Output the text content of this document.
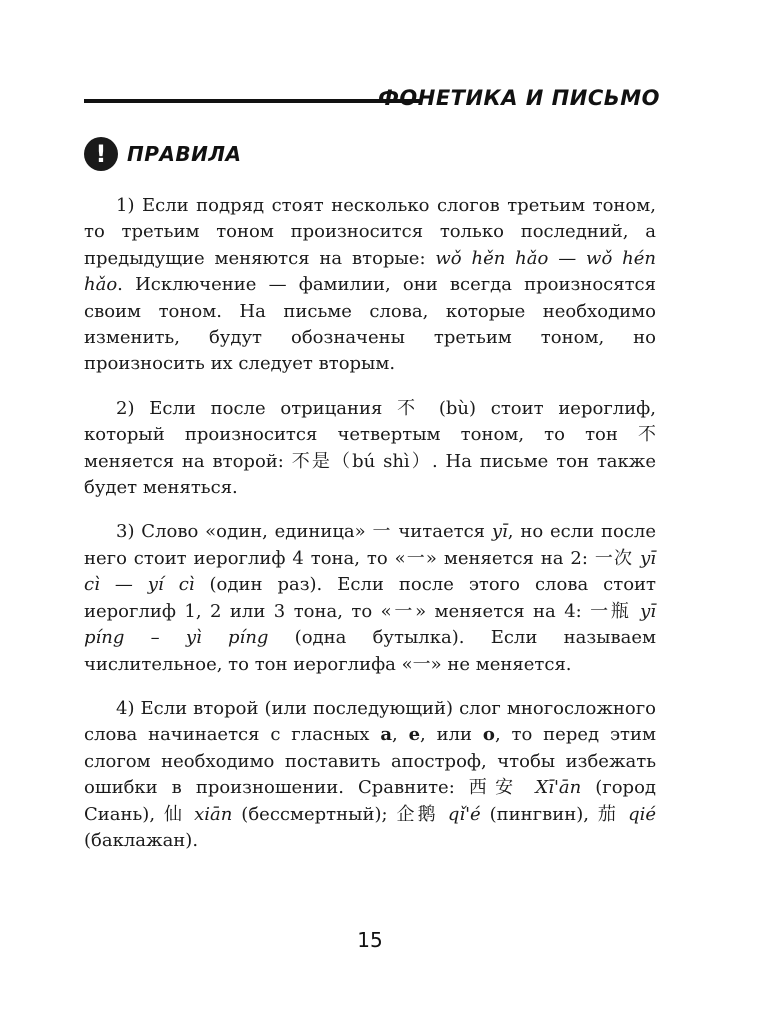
ФОНЕТИКА И ПИСЬМО
!	ПРАВИЛА

1) Если подряд стоят несколько слогов третьим тоном, то третьим тоном произносится только последний, а предыдущие меняются на вторые: wǒ hěn hǎo — wǒ hén hǎo. Исключение — фамилии, они всегда произносятся своим тоном. На письме слова, которые необходимо изменить, будут обозначены третьим тоном, но произносить их следует вторым.

2) Если после отрицания 不 (bù) стоит иероглиф, который произносится четвертым тоном, то тон 不 меняется на второй: 不是（bú shì）. На письме тон также будет меняться.

3) Слово «один, единица» 一 читается yī, но если после него стоит иероглиф 4 тона, то «一» меняется на 2: 一次 yī cì — yí cì (один раз). Если после этого слова стоит иероглиф 1, 2 или 3 тона, то «一» меняется на 4: 一瓶 yī píng – yì píng (одна бутылка). Если называем числительное, то тон иероглифа «一» не меняется.

4) Если второй (или последующий) слог многосложного слова начинается с гласных a, e, или o, то перед этим слогом необходимо поставить апостроф, чтобы избежать ошибки в произношении. Сравните: 西安 Xī'ān (город Сиань), 仙 xiān (бессмертный); 企鹅 qǐ'é (пингвин), 茄 qié (баклажан).

15
